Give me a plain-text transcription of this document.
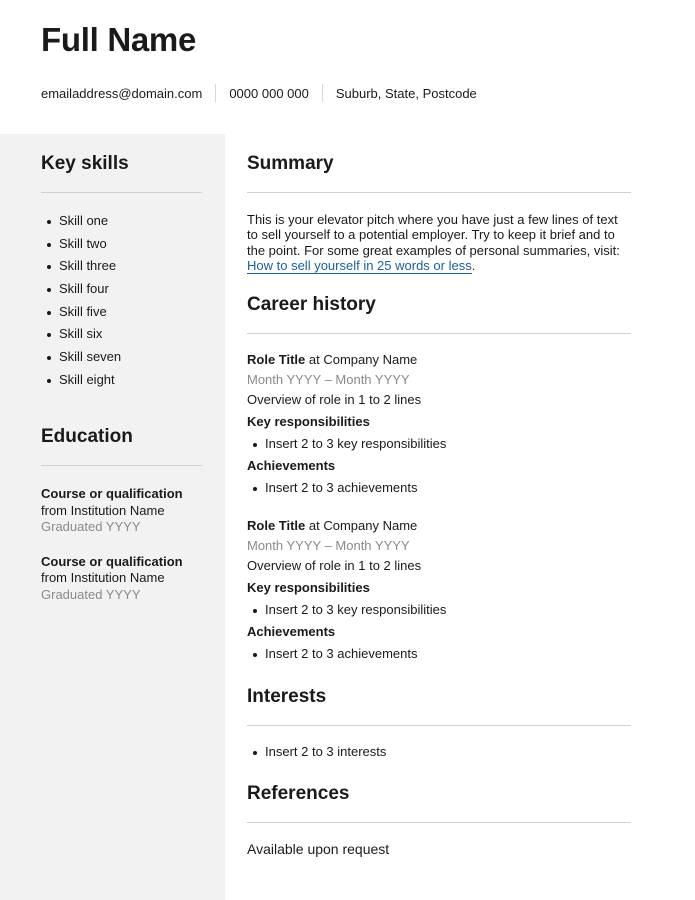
Full Name
emailaddress@domain.com 0000 000 000 Suburb, State, Postcode
Key skills
Skill one
Skill two
Skill three
Skill four
Skill five
Skill six
Skill seven
Skill eight
Education
Course or qualification
from Institution Name
Graduated YYYY
Course or qualification
from Institution Name
Graduated YYYY
Summary
This is your elevator pitch where you have just a few lines of text to sell yourself to a potential employer. Try to keep it brief and to the point. For some great examples of personal summaries, visit: How to sell yourself in 25 words or less.
Career history
Role Title at Company Name
Month YYYY – Month YYYY
Overview of role in 1 to 2 lines
Key responsibilities
Insert 2 to 3 key responsibilities
Achievements
Insert 2 to 3 achievements
Role Title at Company Name
Month YYYY – Month YYYY
Overview of role in 1 to 2 lines
Key responsibilities
Insert 2 to 3 key responsibilities
Achievements
Insert 2 to 3 achievements
Interests
Insert 2 to 3 interests
References
Available upon request
